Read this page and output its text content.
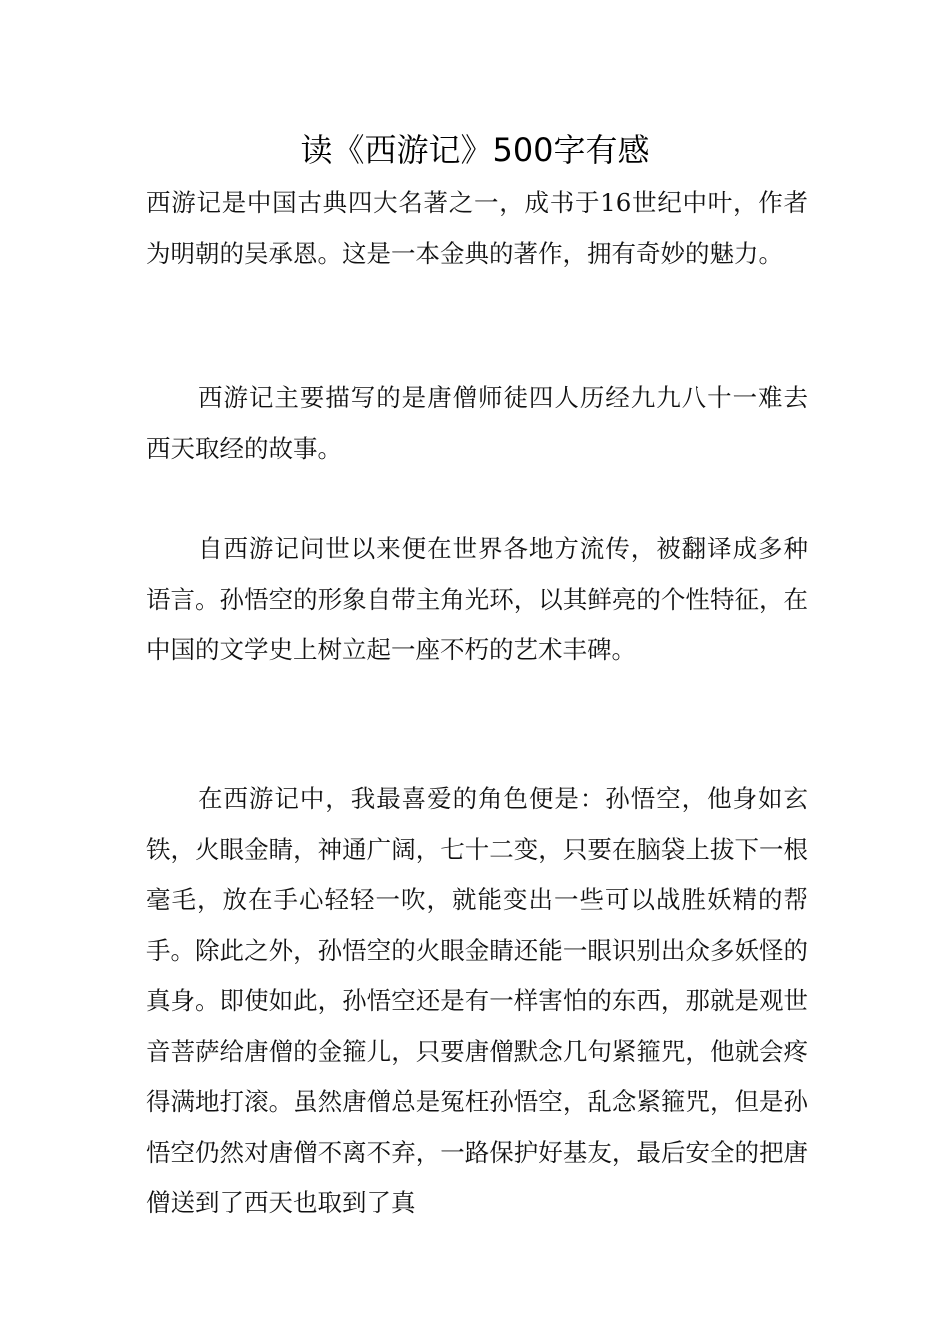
读《西游记》500字有感

西游记是中国古典四大名著之一，成书于16世纪中叶，作者为明朝的吴承恩。这是一本金典的著作，拥有奇妙的魅力。

西游记主要描写的是唐僧师徒四人历经九九八十一难去西天取经的故事。

自西游记问世以来便在世界各地方流传，被翻译成多种语言。孙悟空的形象自带主角光环，以其鲜亮的个性特征，在中国的文学史上树立起一座不朽的艺术丰碑。

在西游记中，我最喜爱的角色便是：孙悟空，他身如玄铁，火眼金睛，神通广阔，七十二变，只要在脑袋上拔下一根毫毛，放在手心轻轻一吹，就能变出一些可以战胜妖精的帮手。除此之外，孙悟空的火眼金睛还能一眼识别出众多妖怪的真身。即使如此，孙悟空还是有一样害怕的东西，那就是观世音菩萨给唐僧的金箍儿，只要唐僧默念几句紧箍咒，他就会疼得满地打滚。虽然唐僧总是冤枉孙悟空，乱念紧箍咒，但是孙悟空仍然对唐僧不离不弃，一路保护好基友，最后安全的把唐僧送到了西天也取到了真
